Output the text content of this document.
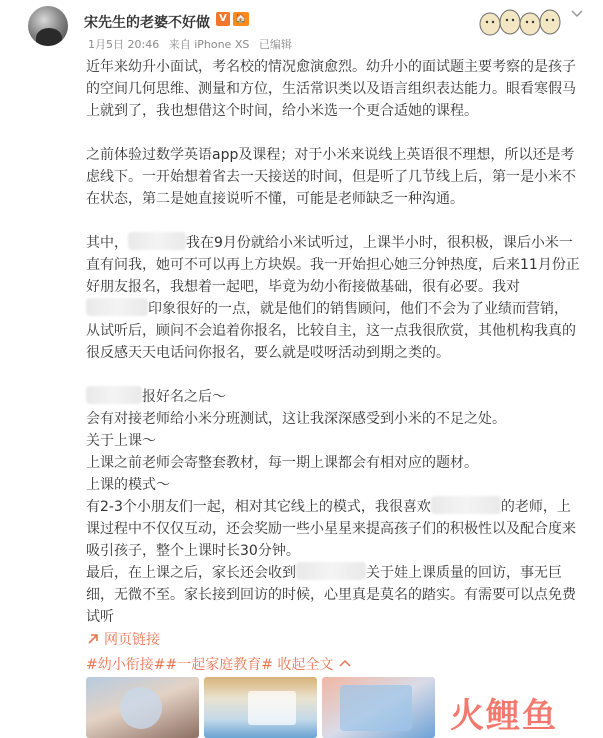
宋先生的老婆不好做 V 🏠
1月5日 20:46 来自 iPhone XS 已编辑

近年来幼升小面试，考名校的情况愈演愈烈。幼升小的面试题主要考察的是孩子的空间几何思维、测量和方位，生活常识类以及语言组织表达能力。眼看寒假马上就到了，我也想借这个时间，给小米选一个更合适她的课程。

之前体验过数学英语app及课程；对于小米来说线上英语很不理想，所以还是考虑线下。一开始想着省去一天接送的时间，但是听了几节线上后，第一是小米不在状态，第二是她直接说听不懂，可能是老师缺乏一种沟通。

其中，	我在9月份就给小米试听过，上课半小时，很积极，课后小米一直有问我，她可不可以再上方块娱。我一开始担心她三分钟热度，后来11月份正好朋友报名，我想着一起吧，毕竟为幼小衔接做基础，很有必要。我对印象很好的一点，就是他们的销售顾问，他们不会为了业绩而营销，从试听后，顾问不会追着你报名，比较自主，这一点我很欣赏，其他机构我真的很反感天天电话问你报名，要么就是哎呀活动到期之类的。

报好名之后～

会有对接老师给小米分班测试，这让我深深感受到小米的不足之处。

关于上课～

上课之前老师会寄整套教材，每一期上课都会有相对应的题材。

上课的模式～

有2-3个小朋友们一起，相对其它线上的模式，我很喜欢	的老师，上课过程中不仅仅互动，还会奖励一些小星星来提高孩子们的积极性以及配合度来吸引孩子，整个上课时长30分钟。

最后，在上课之后，家长还会收到	关于娃上课质量的回访，事无巨细，无微不至。家长接到回访的时候，心里真是莫名的踏实。有需要可以点免费试听

网页链接
#幼小衔接##一起家庭教育# 收起全文
火鲤鱼
